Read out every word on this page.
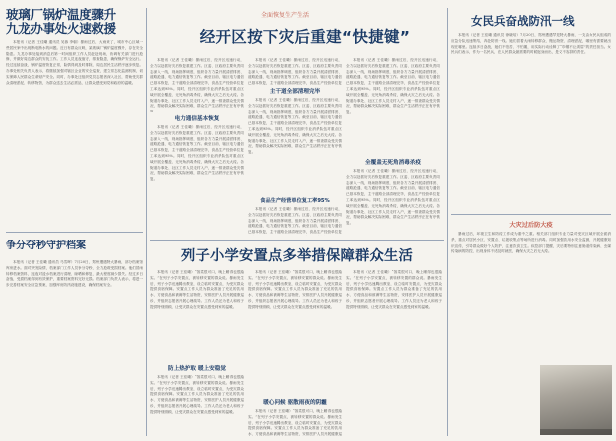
玻璃厂锅炉温度骤升
九龙办事处火速救援

本报讯（记者 王佳曦 通讯员 吴蓉 李朝）暴雨过后，大雨来了，城市中心区域一些居民家中出现断电断水的问题。近日有群众反映，某玻璃厂锅炉温度骤升，存在安全隐患。九龙办事处接到消息后第一时间组织工作人员赶赴现场，协调有关部门进行抢修，并做好周边群众的安抚工作。工作人员连夜值守，排查隐患，确保锅炉安全运行。经过连续奋战，锅炉温度恢复正常，险情得到及时排除，周边居民生活秩序逐步恢复。办事处相关负责人表示，将继续加强对辖区企业的安全巡查，建立常态化监测机制，切实保障人民群众生命财产安全。同时，办事处还组织党员志愿者深入社区，帮助受灾群众清理淤泥、转移物资，为群众送去生活必需品，让群众感受到党和政府的温暖。

争分夺秒守护档案

本报讯（记者 王佳曦 通讯员 马雪晖）7月20日，郑州遭遇特大暴雨，部分档案馆库房进水。面对突发险情，档案部门工作人员争分夺秒，全力抢救受损档案。他们冒雨转移档案资料，连夜对浸水档案进行清理、晾晒和修复，最大程度减少损失。经过多日奋战，受损档案得到有效保护，重要档案资料完好无损。档案部门负责人表示，将进一步完善档案安全应急预案，加强库房防汛设施建设，确保档案安全。

全面恢复生产生活
经开区按下灾后重建“快捷键”

本报讯（记者 王佳曦）暴雨过后，经开区迅速行动，全力以赴抓好灾后恢复重建工作。区委、区政府主要负责同志深入一线，现场指挥调度，组织各方力量开展清淤排涝、道路抢通、电力通信恢复等工作。截至目前，辖区电力通信已基本恢复，主干道路全部清理完毕，食品生产经营单位复工率达到95%。同时，经开区组织专业消杀队伍对重点区域开展全覆盖、无死角消毒杀疫，确保大灾之后无大疫。各街道办事处、社区工作人员走村入户，逐一排查群众受灾情况，帮助群众解决实际困难，群众生产生活秩序正在有序恢

电力通信基本恢复

本报讯（记者 王佳曦）暴雨过后，经开区迅速行动，全力以赴抓好灾后恢复重建工作。区委、区政府主要负责同志深入一线，现场指挥调度，组织各方力量开展清淤排涝、道路抢通、电力通信恢复等工作。截至目前，辖区电力通信已基本恢复，主干道路全部清理完毕，食品生产经营单位复工率达到95%。同时，经开区组织专业消杀队伍对重点区域开展全覆盖、无死角消毒杀疫，确保大灾之后无大疫。各街道办事处、社区工作人员走村入户，逐一排查群众受灾情况，帮助群众解决实际困难，群众生产生活秩序正在有序恢复。

本报讯（记者 王佳曦）暴雨过后，经开区迅速行动，全力以赴抓好灾后恢复重建工作。区委、区政府主要负责同志深入一线，现场指挥调度，组织各方力量开展清淤排涝、道路抢通、电力通信恢复等工作。截至目前，辖区电力通信已基本恢复，主干道路全部清理完毕，食品生产经营单位复

主干道全部清理完毕

本报讯（记者 王佳曦）暴雨过后，经开区迅速行动，全力以赴抓好灾后恢复重建工作。区委、区政府主要负责同志深入一线，现场指挥调度，组织各方力量开展清淤排涝、道路抢通、电力通信恢复等工作。截至目前，辖区电力通信已基本恢复，主干道路全部清理完毕，食品生产经营单位复工率达到95%。同时，经开区组织专业消杀队伍对重点区域开展全覆盖、无死角消毒杀疫，确保大灾之后无大疫。各街道办事处、社区工作人员走村入户，逐一排查群众受灾情况，帮助群众解决实际困难，群众生产生活秩序正在有序恢复。

食品生产经营单位复工率95%

本报讯（记者 王佳曦）暴雨过后，经开区迅速行动，全力以赴抓好灾后恢复重建工作。区委、区政府主要负责同志深入一线，现场指挥调度，组织各方力量开展清淤排涝、道路抢通、电力通信恢复等工作。截至目前，辖区电力通信已基本恢复，主干道路全部清理完毕，食品生产经营单位复

本报讯（记者 王佳曦）暴雨过后，经开区迅速行动，全力以赴抓好灾后恢复重建工作。区委、区政府主要负责同志深入一线，现场指挥调度，组织各方力量开展清淤排涝、道路抢通、电力通信恢复等工作。截至目前，辖区电力通信已基本恢复，主干道路全部清理完毕，食品生产经营单位复工率达到95%。同时，经开区组织专业消杀队伍对重点区域开展全覆盖、无死角消毒杀疫，确保大灾之后无大疫。各街道办事处、社区工作人员走村入户，逐一排查群众受灾情况，帮助群众解决实际困难，群众生产生活秩序正在有序恢复。

全覆盖无死角消毒杀疫

本报讯（记者 王佳曦）暴雨过后，经开区迅速行动，全力以赴抓好灾后恢复重建工作。区委、区政府主要负责同志深入一线，现场指挥调度，组织各方力量开展清淤排涝、道路抢通、电力通信恢复等工作。截至目前，辖区电力通信已基本恢复，主干道路全部清理完毕，食品生产经营单位复工率达到95%。同时，经开区组织专业消杀队伍对重点区域开展全覆盖、无死角消毒杀疫，确保大灾之后无大疫。各街道办事处、社区工作人员走村入户，逐一排查群众受灾情况，帮助群众解决实际困难，群众生产生活秩序正在有序恢复。

列子小学安置点多举措保障群众生活

本报讯（记者 王佳曦）“饭菜很可口，晚上睡得也很踏实。”在列子小学安置点，被转移安置的群众说。暴雨发生后，列子小学迅速腾出教室，设立临时安置点，为受灾群众提供食宿保障。安置点工作人员为群众准备了充足的饮用水、方便食品和被褥等生活物资，安排医护人员开展健康巡诊，并组织志愿者开展心理疏导。工作人员还为老人和孩子提供特别照顾，让受灾群众在安置点感受到家的温暖。

防上热护取 暖上安稳觉

本报讯（记者 王佳曦）“饭菜很可口，晚上睡得也很踏实。”在列子小学安置点，被转移安置的群众说。暴雨发生后，列子小学迅速腾出教室，设立临时安置点，为受灾群众提供食宿保障。安置点工作人员为群众准备了充足的饮用水、方便食品和被褥等生活物资，安排医护人员开展健康巡诊，并组织志愿者开展心理疏导。工作人员还为老人和孩子提供特别照顾，让受灾群众在安置点感受到家的温暖。

本报讯（记者 王佳曦）“饭菜很可口，晚上睡得也很踏实。”在列子小学安置点，被转移安置的群众说。暴雨发生后，列子小学迅速腾出教室，设立临时安置点，为受灾群众提供食宿保障。安置点工作人员为群众准备了充足的饮用水、方便食品和被褥等生活物资，安排医护人员开展健康巡诊，并组织志愿者开展心理疏导。工作人员还为老人和孩子提供特别照顾，让受灾群众在安置点感受到家的温暖。

暖心问候 驱散雨夜的阴霾

本报讯（记者 王佳曦）“饭菜很可口，晚上睡得也很踏实。”在列子小学安置点，被转移安置的群众说。暴雨发生后，列子小学迅速腾出教室，设立临时安置点，为受灾群众提供食宿保障。安置点工作人员为群众准备了充足的饮用水、方便食品和被褥等生活物资，安排医护人员开展健康巡

本报讯（记者 王佳曦）“饭菜很可口，晚上睡得也很踏实。”在列子小学安置点，被转移安置的群众说。暴雨发生后，列子小学迅速腾出教室，设立临时安置点，为受灾群众提供食宿保障。安置点工作人员为群众准备了充足的饮用水、方便食品和被褥等生活物资，安排医护人员开展健康巡诊，并组织志愿者开展心理疏导。工作人员还为老人和孩子提供特别照顾，让受灾群众在安置点感受到家的温暖。

女民兵奋战防汛一线

本报讯（记者 王佳曦 通讯员 徐晓培）7月20日，郑州遭遇罕见特大暴雨，一支由女民兵组成的应急分队迅速集结，奔赴防汛一线。她们冒着大雨转移群众、搬运物资、清理淤泥，哪里有需要就出现在哪里。连续多日奋战，她们不怕苦、不怕累，用实际行动诠释了“巾帼不让须眉”的责任担当。女民兵们表示，作为一名民兵，在人民群众最需要的时候挺身而出，是义不容辞的责任。

大灾过后防大疫

暴雨过后，环境卫生和防疫工作成为重中之重。相关部门组织专业力量对受灾区域开展全面消杀，重点对居民小区、安置点、垃圾收集点等场所进行消毒。同时加强饮用水安全监测，开展健康知识宣传，引导群众做好个人防护，注意饮食卫生。疾控部门提醒，灾后要特别注意肠道传染病、虫媒传染病的防控，出现身体不适及时就医，确保大灾之后无大疫。
